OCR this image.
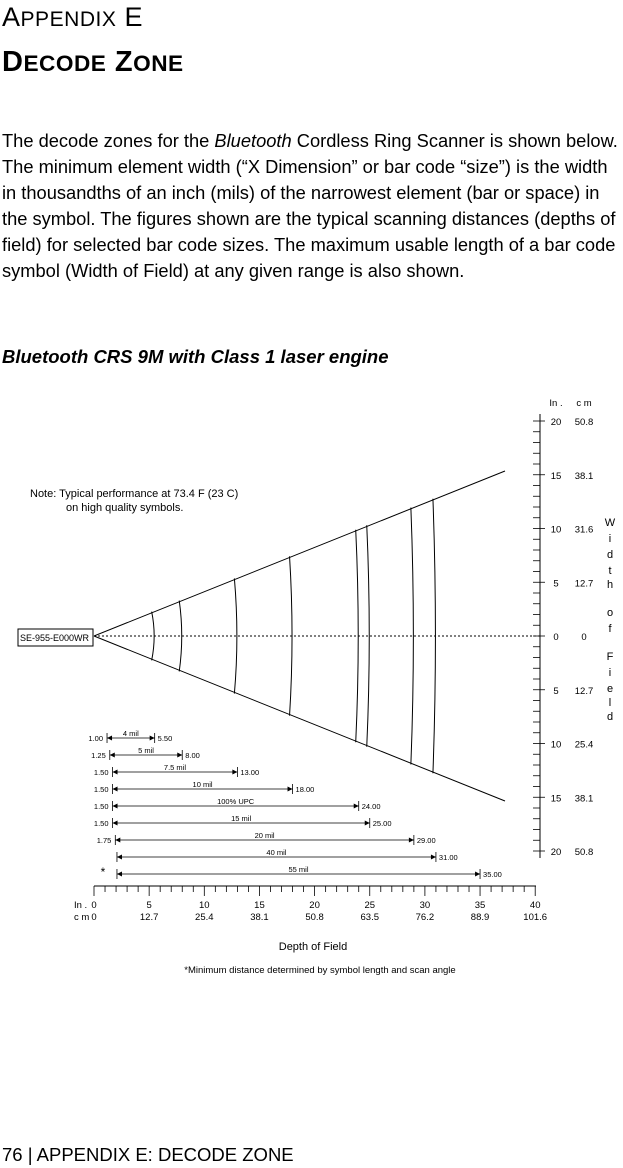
APPENDIX E
DECODE ZONE
The decode zones for the Bluetooth Cordless Ring Scanner is shown below. The minimum element width (“X Dimension” or bar code “size”) is the width in thousandths of an inch (mils) of the narrowest element (bar or space) in the symbol. The figures shown are the typical scanning distances (depths of field) for selected bar code sizes. The maximum usable length of a bar code symbol (Width of Field) at any given range is also shown.
Bluetooth CRS 9M with Class 1 laser engine
SE-955-E000WR
1.00
4 mil
5.50
1.25
5 mil
8.00
1.50
7.5 mil
13.00
1.50
10 mil
18.00
1.50
100% UPC
24.00
1.50
15 mil
25.00
1.75
20 mil
29.00
40 mil
31.00
55 mil
35.00
*
In . c m
20 50.8
15 38.1
10 31.6
5 12.7
0 0
5 12.7
10 25.4
15 38.1
20 50.8
W
i
d
t
h
o
f
F
i
e
l
d
In .
c m
0
0
5
12.7
10
25.4
15
38.1
20
50.8
25
63.5
30
76.2
35
88.9
40
101.6
Note: Typical performance at 73.4 F (23 C)
on high quality symbols.
Depth of Field
*Minimum distance determined by symbol length and scan angle
76 | APPENDIX E: DECODE ZONE
